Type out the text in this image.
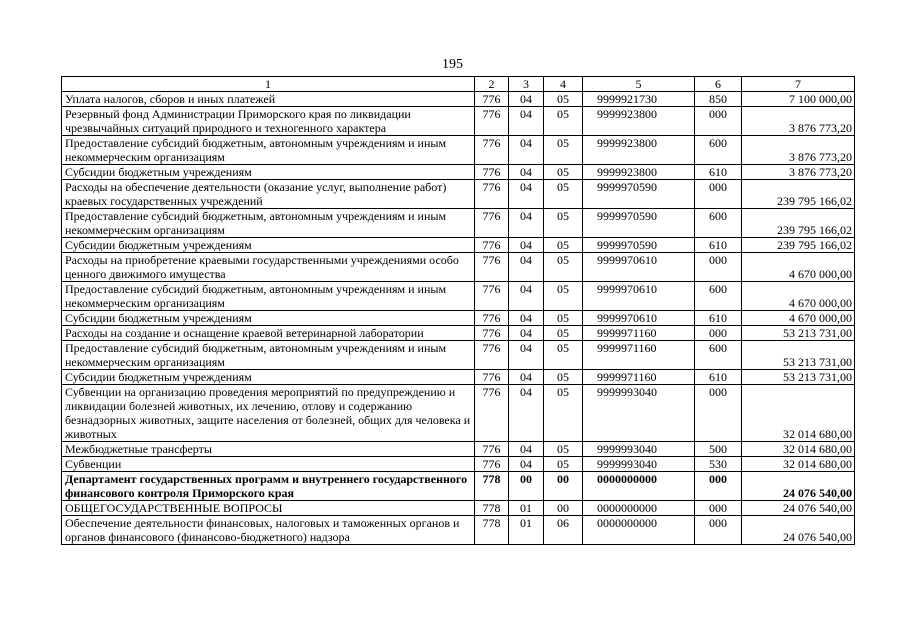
195
1	2	3	4	5	6	7
Уплата налогов, сборов и иных платежей	776	04	05	9999921730	850	7 100 000,00
Резервный фонд Администрации Приморского края по ликвидации чрезвычайных ситуаций природного и техногенного характера	776	04	05	9999923800	000	3 876 773,20
Предоставление субсидий бюджетным, автономным учреждениям и иным некоммерческим организациям	776	04	05	9999923800	600	3 876 773,20
Субсидии бюджетным учреждениям	776	04	05	9999923800	610	3 876 773,20
Расходы на обеспечение деятельности (оказание услуг, выполнение работ) краевых государственных учреждений	776	04	05	9999970590	000	239 795 166,02
Предоставление субсидий бюджетным, автономным учреждениям и иным некоммерческим организациям	776	04	05	9999970590	600	239 795 166,02
Субсидии бюджетным учреждениям	776	04	05	9999970590	610	239 795 166,02
Расходы на приобретение краевыми государственными учреждениями особо ценного движимого имущества	776	04	05	9999970610	000	4 670 000,00
Предоставление субсидий бюджетным, автономным учреждениям и иным некоммерческим организациям	776	04	05	9999970610	600	4 670 000,00
Субсидии бюджетным учреждениям	776	04	05	9999970610	610	4 670 000,00
Расходы на создание и оснащение краевой ветеринарной лаборатории	776	04	05	9999971160	000	53 213 731,00
Предоставление субсидий бюджетным, автономным учреждениям и иным некоммерческим организациям	776	04	05	9999971160	600	53 213 731,00
Субсидии бюджетным учреждениям	776	04	05	9999971160	610	53 213 731,00
Субвенции на организацию проведения мероприятий по предупреждению и ликвидации болезней животных, их лечению, отлову и содержанию безнадзорных животных, защите населения от болезней, общих для человека и животных	776	04	05	9999993040	000	32 014 680,00
Межбюджетные трансферты	776	04	05	9999993040	500	32 014 680,00
Субвенции	776	04	05	9999993040	530	32 014 680,00
Департамент государственных программ и внутреннего государственного финансового контроля Приморского края	778	00	00	0000000000	000	24 076 540,00
ОБЩЕГОСУДАРСТВЕННЫЕ ВОПРОСЫ	778	01	00	0000000000	000	24 076 540,00
Обеспечение деятельности финансовых, налоговых и таможенных органов и органов финансового (финансово-бюджетного) надзора	778	01	06	0000000000	000	24 076 540,00
